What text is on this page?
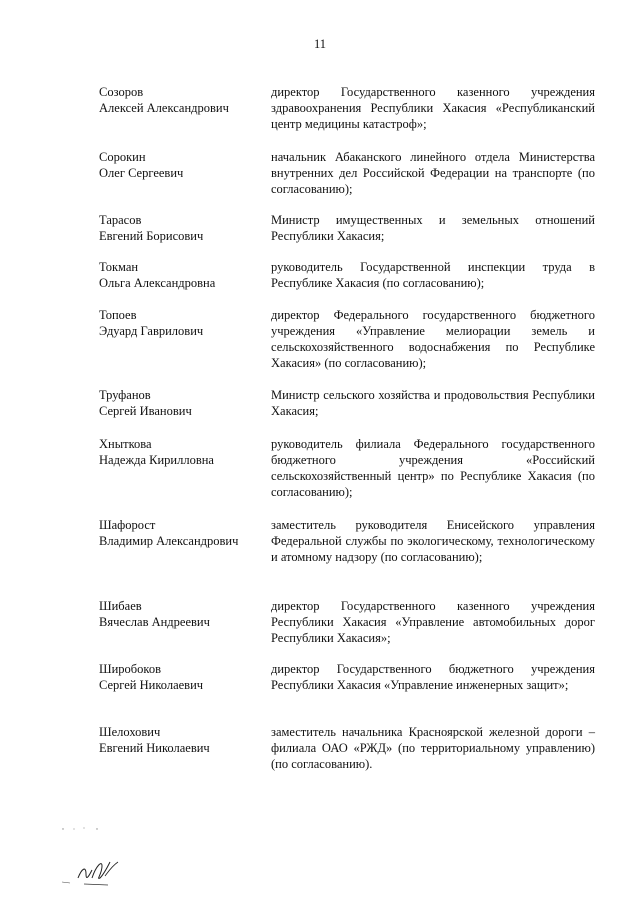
11
Созоров
Алексей Александрович
директор Государственного казенного учреждения здравоохранения Республики Хакасия «Республиканский центр медицины катастроф»;
Сорокин
Олег Сергеевич
начальник Абаканского линейного отдела Министерства внутренних дел Российской Федерации на транспорте (по согласованию);
Тарасов
Евгений Борисович
Министр имущественных и земельных отношений Республики Хакасия;
Токман
Ольга Александровна
руководитель Государственной инспекции труда в Республике Хакасия (по согласованию);
Топоев
Эдуард Гаврилович
директор Федерального государственного бюджетного учреждения «Управление мелиорации земель и сельскохозяйственного водоснабжения по Республике Хакасия» (по согласованию);
Труфанов
Сергей Иванович
Министр сельского хозяйства и продовольствия Республики Хакасия;
Хныткова
Надежда Кирилловна
руководитель филиала Федерального государственного бюджетного учреждения «Российский сельскохозяйственный центр» по Республике Хакасия (по согласованию);
Шафорост
Владимир Александрович
заместитель руководителя Енисейского управления Федеральной службы по экологическому, технологическому и атомному надзору (по согласованию);
Шибаев
Вячеслав Андреевич
директор Государственного казенного учреждения Республики Хакасия «Управление автомобильных дорог Республики Хакасия»;
Широбоков
Сергей Николаевич
директор Государственного бюджетного учреждения Республики Хакасия «Управление инженерных защит»;
Шелохович
Евгений Николаевич
заместитель начальника Красноярской железной дороги – филиала ОАО «РЖД» (по территориальному управлению) (по согласованию).
